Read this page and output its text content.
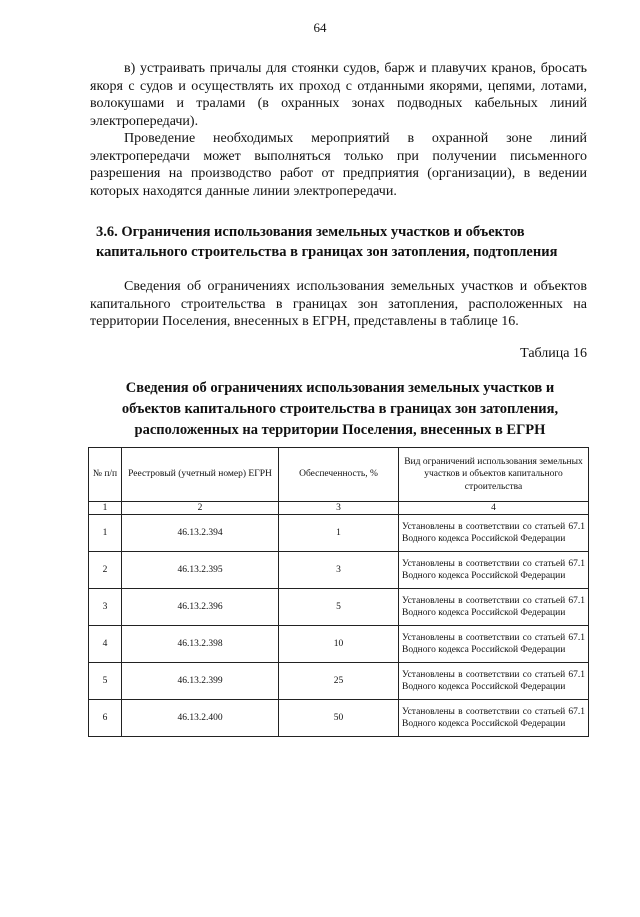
64

в) устраивать причалы для стоянки судов, барж и плавучих кранов, бросать якоря с судов и осуществлять их проход с отданными якорями, цепями, лотами, волокушами и тралами (в охранных зонах подводных кабельных линий электропередачи).

Проведение необходимых мероприятий в охранной зоне линий электропередачи может выполняться только при получении письменного разрешения на производство работ от предприятия (организации), в ведении которых находятся данные линии электропередачи.

3.6. Ограничения использования земельных участков и объектов капитального строительства в границах зон затопления, подтопления

Сведения об ограничениях использования земельных участков и объектов капитального строительства в границах зон затопления, расположенных на территории Поселения, внесенных в ЕГРН, представлены в таблице 16.

Таблица 16
Сведения об ограничениях использования земельных участков и объектов капитального строительства в границах зон затопления, расположенных на территории Поселения, внесенных в ЕГРН
№ п/п	Реестровый (учетный номер) ЕГРН	Обеспеченность, %	Вид ограничений использования земельных участков и объектов капитального строительства
1	2	3	4
1	46.13.2.394	1	Установлены в соответствии со статьей 67.1 Водного кодекса Российской Федерации
2	46.13.2.395	3	Установлены в соответствии со статьей 67.1 Водного кодекса Российской Федерации
3	46.13.2.396	5	Установлены в соответствии со статьей 67.1 Водного кодекса Российской Федерации
4	46.13.2.398	10	Установлены в соответствии со статьей 67.1 Водного кодекса Российской Федерации
5	46.13.2.399	25	Установлены в соответствии со статьей 67.1 Водного кодекса Российской Федерации
6	46.13.2.400	50	Установлены в соответствии со статьей 67.1 Водного кодекса Российской Федерации
